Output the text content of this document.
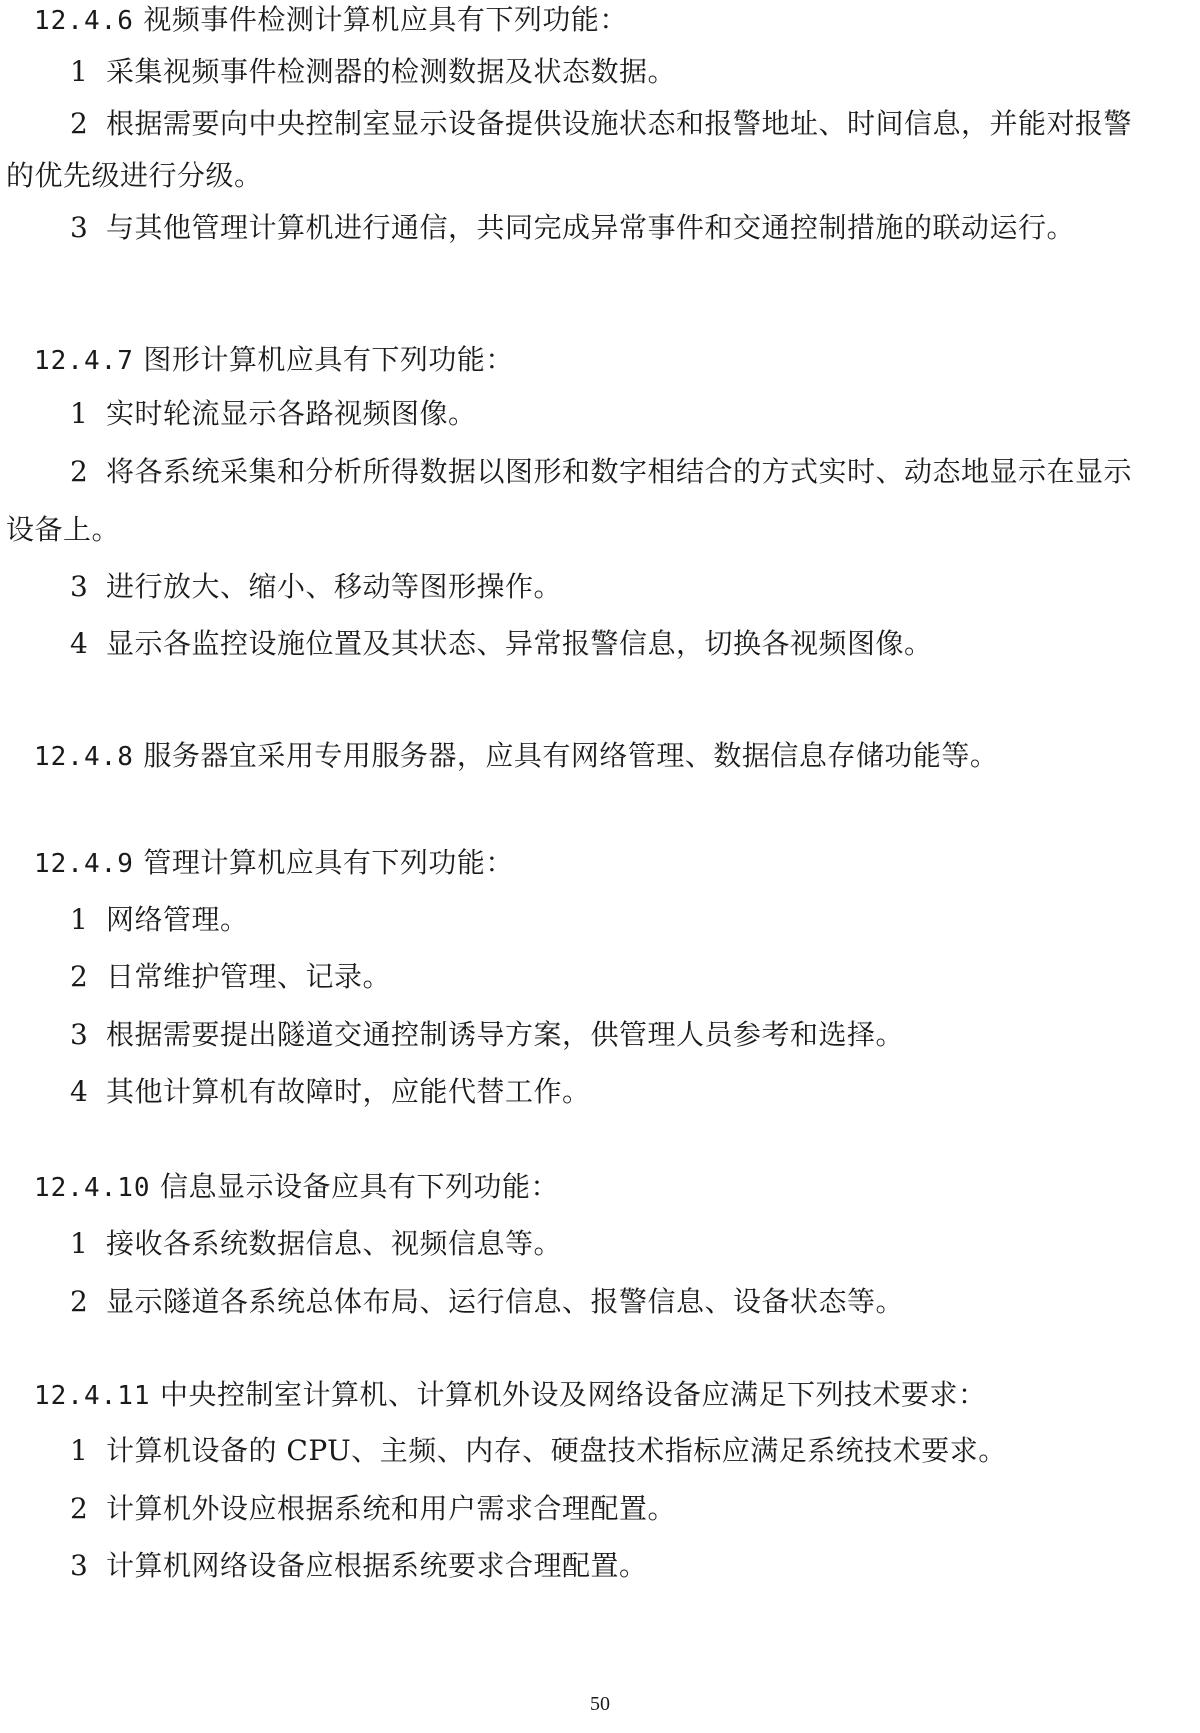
12.4.6 视频事件检测计算机应具有下列功能：
1 采集视频事件检测器的检测数据及状态数据。
2 根据需要向中央控制室显示设备提供设施状态和报警地址、时间信息，并能对报警
的优先级进行分级。
3 与其他管理计算机进行通信，共同完成异常事件和交通控制措施的联动运行。
12.4.7 图形计算机应具有下列功能：
1 实时轮流显示各路视频图像。
2 将各系统采集和分析所得数据以图形和数字相结合的方式实时、动态地显示在显示
设备上。
3 进行放大、缩小、移动等图形操作。
4 显示各监控设施位置及其状态、异常报警信息，切换各视频图像。
12.4.8 服务器宜采用专用服务器，应具有网络管理、数据信息存储功能等。
12.4.9 管理计算机应具有下列功能：
1 网络管理。
2 日常维护管理、记录。
3 根据需要提出隧道交通控制诱导方案，供管理人员参考和选择。
4 其他计算机有故障时，应能代替工作。
12.4.10 信息显示设备应具有下列功能：
1 接收各系统数据信息、视频信息等。
2 显示隧道各系统总体布局、运行信息、报警信息、设备状态等。
12.4.11 中央控制室计算机、计算机外设及网络设备应满足下列技术要求：
1 计算机设备的 CPU、主频、内存、硬盘技术指标应满足系统技术要求。
2 计算机外设应根据系统和用户需求合理配置。
3 计算机网络设备应根据系统要求合理配置。
50
